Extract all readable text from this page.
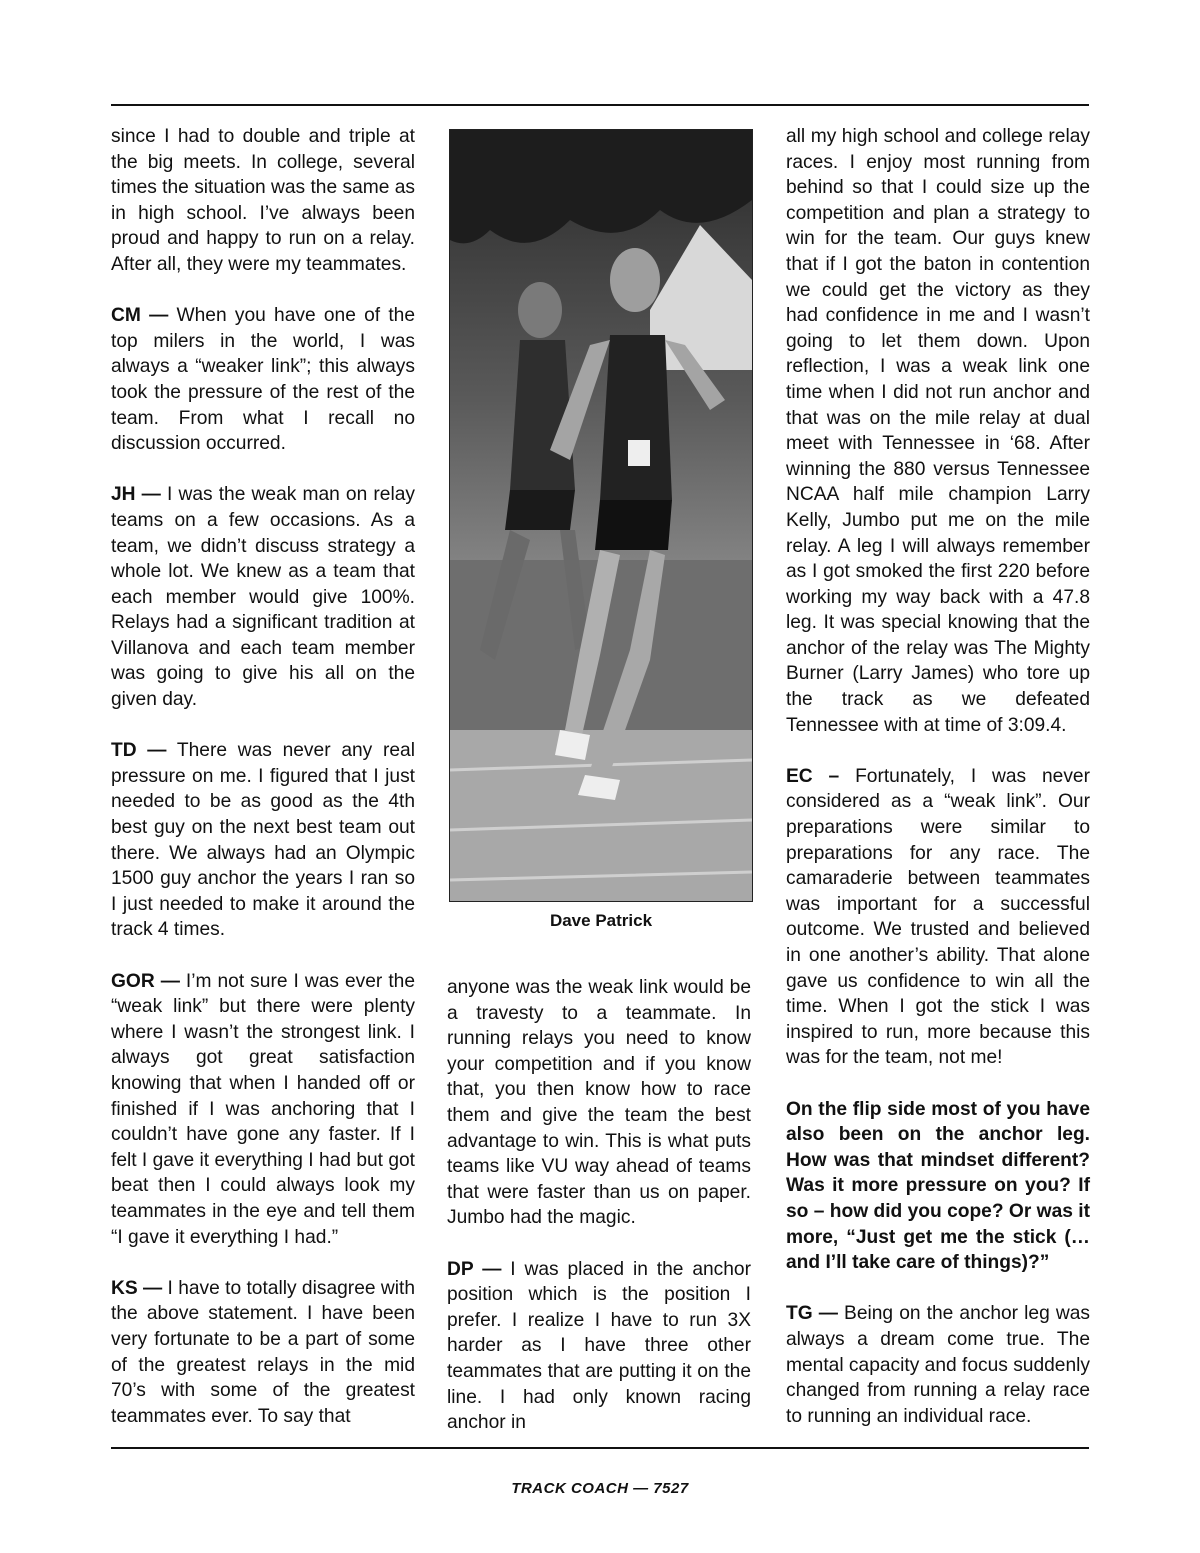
since I had to double and triple at the big meets. In college, several times the situation was the same as in high school. I’ve always been proud and happy to run on a relay. After all, they were my teammates.

CM — When you have one of the top milers in the world, I was always a “weaker link”; this always took the pressure of the rest of the team. From what I recall no discussion occurred.

JH — I was the weak man on relay teams on a few occasions. As a team, we didn’t discuss strategy a whole lot. We knew as a team that each member would give 100%. Relays had a significant tradition at Villanova and each team member was going to give his all on the given day.

TD — There was never any real pressure on me. I figured that I just needed to be as good as the 4th best guy on the next best team out there. We always had an Olympic 1500 guy anchor the years I ran so I just needed to make it around the track 4 times.

GOR — I’m not sure I was ever the “weak link” but there were plenty where I wasn’t the strongest link. I always got great satisfaction knowing that when I handed off or finished if I was anchoring that I couldn’t have gone any faster. If I felt I gave it everything I had but got beat then I could always look my teammates in the eye and tell them “I gave it everything I had.”

KS — I have to totally disagree with the above statement. I have been very fortunate to be a part of some of the greatest relays in the mid 70’s with some of the greatest teammates ever. To say that

Dave Patrick

anyone was the weak link would be a travesty to a teammate. In running relays you need to know your competition and if you know that, you then know how to race them and give the team the best advantage to win. This is what puts teams like VU way ahead of teams that were faster than us on paper. Jumbo had the magic.

DP — I was placed in the anchor position which is the position I prefer. I realize I have to run 3X harder as I have three other teammates that are putting it on the line. I had only known racing anchor in

all my high school and college relay races. I enjoy most running from behind so that I could size up the competition and plan a strategy to win for the team. Our guys knew that if I got the baton in contention we could get the victory as they had confidence in me and I wasn’t going to let them down. Upon reflection, I was a weak link one time when I did not run anchor and that was on the mile relay at dual meet with Tennessee in ‘68. After winning the 880 versus Tennessee NCAA half mile champion Larry Kelly, Jumbo put me on the mile relay. A leg I will always remember as I got smoked the first 220 before working my way back with a 47.8 leg. It was special knowing that the anchor of the relay was The Mighty Burner (Larry James) who tore up the track as we defeated Tennessee with at time of 3:09.4.

EC – Fortunately, I was never considered as a “weak link”. Our preparations were similar to preparations for any race. The camaraderie between teammates was important for a successful outcome. We trusted and believed in one another’s ability. That alone gave us confidence to win all the time. When I got the stick I was inspired to run, more because this was for the team, not me!

On the flip side most of you have also been on the anchor leg. How was that mindset different? Was it more pressure on you? If so – how did you cope? Or was it more, “Just get me the stick (…and I’ll take care of things)?”

TG — Being on the anchor leg was always a dream come true. The mental capacity and focus suddenly changed from running a relay race to running an individual race.

TRACK COACH — 7527
